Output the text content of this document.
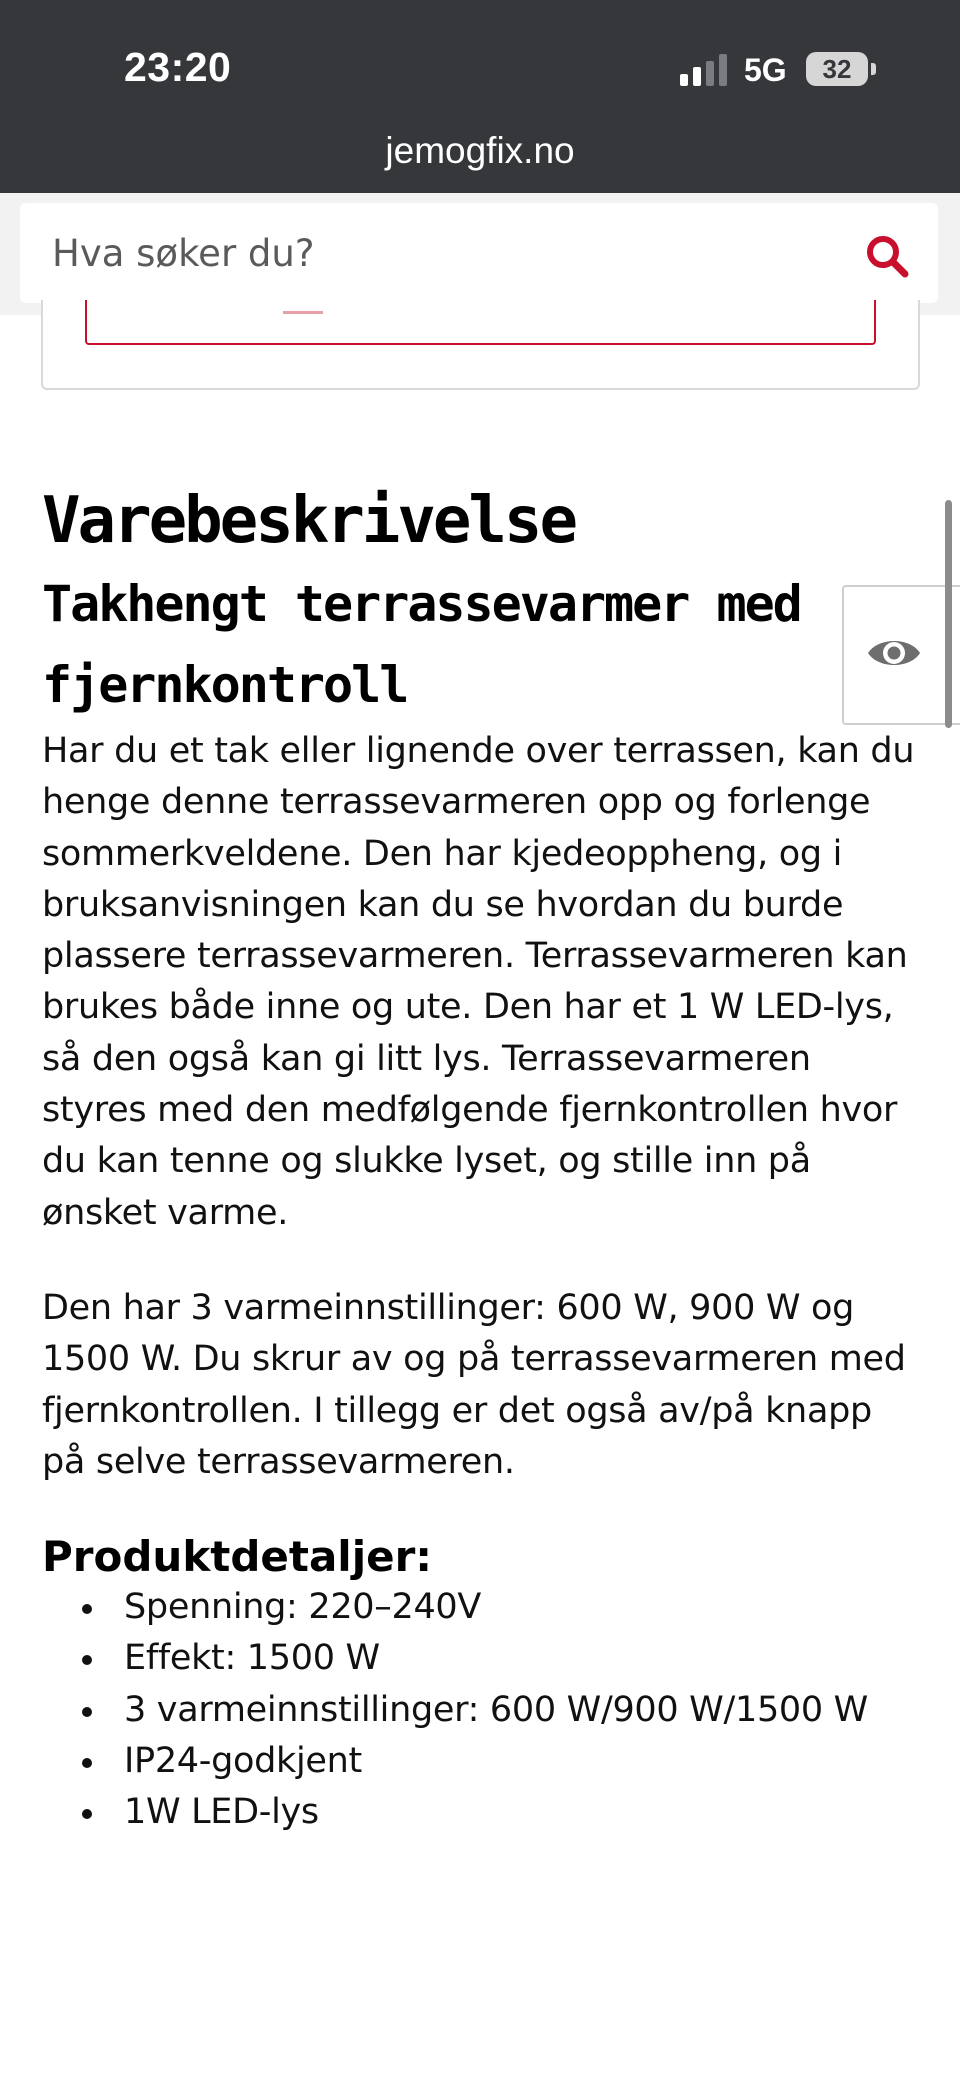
23:20	5G	32
jemogfix.no
Hva søker du?
Varebeskrivelse
Takhengt terrassevarmer med fjernkontroll

Har du et tak eller lignende over terrassen, kan du henge denne terrassevarmeren opp og forlenge sommerkveldene. Den har kjedeoppheng, og i bruksanvisningen kan du se hvordan du burde plassere terrassevarmeren. Terrassevarmeren kan brukes både inne og ute. Den har et 1 W LED-lys, så den også kan gi litt lys. Terrassevarmeren styres med den medfølgende fjernkontrollen hvor du kan tenne og slukke lyset, og stille inn på ønsket varme.

Den har 3 varmeinnstillinger: 600 W, 900 W og 1500 W. Du skrur av og på terrassevarmeren med fjernkontrollen. I tillegg er det også av/på knapp på selve terrassevarmeren.

Produktdetaljer:
Spenning: 220–240V
Effekt: 1500 W
3 varmeinnstillinger: 600 W/900 W/1500 W
IP24-godkjent
1W LED-lys
